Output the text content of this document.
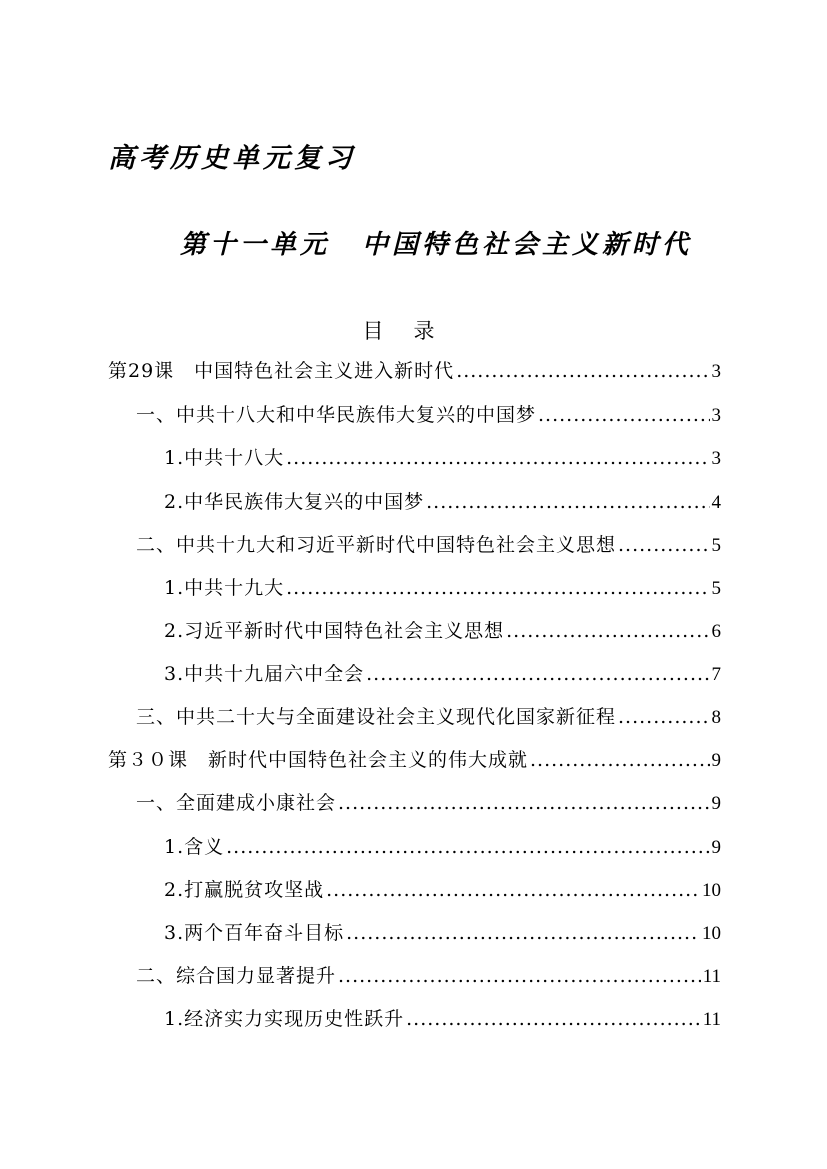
高考历史单元复习
第十一单元 中国特色社会主义新时代
目录
第29课　中国特色社会主义进入新时代 .....	3
一、中共十八大和中华民族伟大复兴的中国梦 .....	3
1.中共十八大 .....	3
2.中华民族伟大复兴的中国梦 .....	4
二、中共十九大和习近平新时代中国特色社会主义思想 .....	5
1.中共十九大 .....	5
2.习近平新时代中国特色社会主义思想 .....	6
3.中共十九届六中全会 .....	7
三、中共二十大与全面建设社会主义现代化国家新征程 .....	8
第３０课　新时代中国特色社会主义的伟大成就 .....	9
一、全面建成小康社会 .....	9
1.含义 .....	9
2.打赢脱贫攻坚战 .....	10
3.两个百年奋斗目标 .....	10
二、综合国力显著提升 .....	11
1.经济实力实现历史性跃升 .....	11
